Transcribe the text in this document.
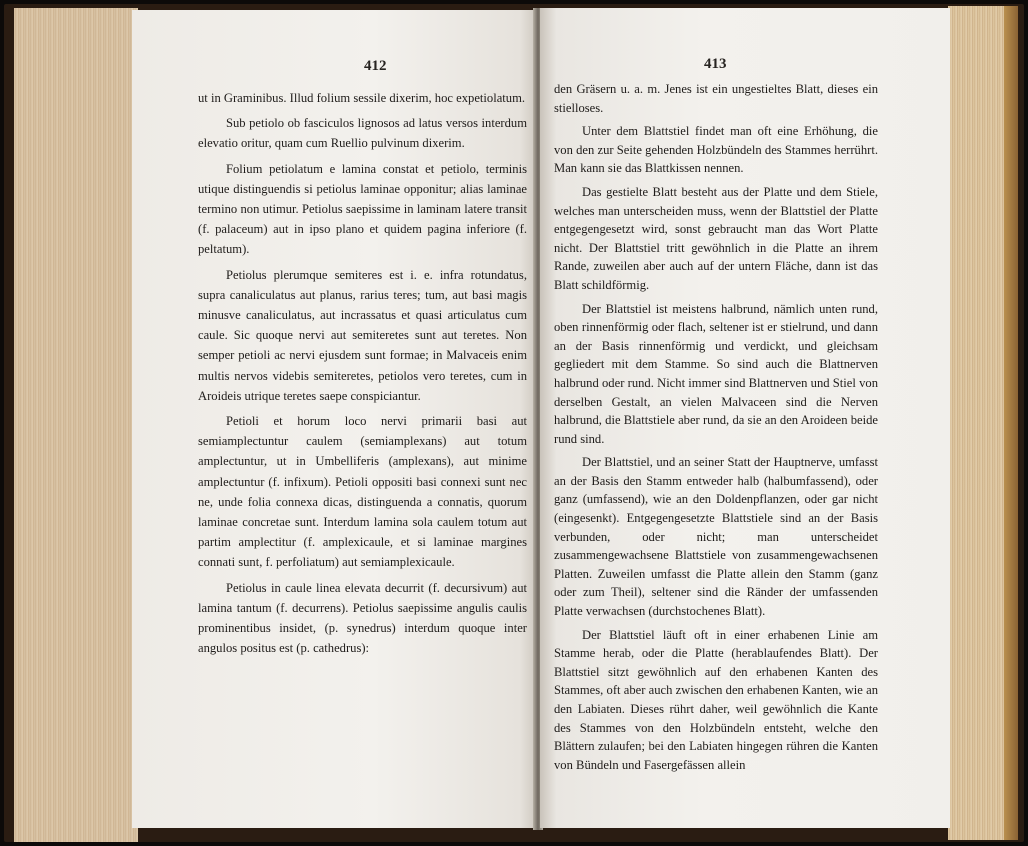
412

ut in Graminibus. Illud folium sessile dixerim, hoc expetiolatum.

Sub petiolo ob fasciculos lignosos ad latus versos interdum elevatio oritur, quam cum Ruellio pulvinum dixerim.

Folium petiolatum e lamina constat et petiolo, terminis utique distinguendis si petiolus laminae opponitur; alias laminae termino non utimur. Petiolus saepissime in laminam latere transit (f. palaceum) aut in ipso plano et quidem pagina inferiore (f. peltatum).

Petiolus plerumque semiteres est i. e. infra rotundatus, supra canaliculatus aut planus, rarius teres; tum, aut basi magis minusve canaliculatus, aut incrassatus et quasi articulatus cum caule. Sic quoque nervi aut semiteretes sunt aut teretes. Non semper petioli ac nervi ejusdem sunt formae; in Malvaceis enim multis nervos videbis semiteretes, petiolos vero teretes, cum in Aroideis utrique teretes saepe conspiciantur.

Petioli et horum loco nervi primarii basi aut semiamplectuntur caulem (semiamplexans) aut totum amplectuntur, ut in Umbelliferis (amplexans), aut minime amplectuntur (f. infixum). Petioli oppositi basi connexi sunt nec ne, unde folia connexa dicas, distinguenda a connatis, quorum laminae concretae sunt. Interdum lamina sola caulem totum aut partim amplectitur (f. amplexicaule, et si laminae margines connati sunt, f. perfoliatum) aut semiamplexicaule.

Petiolus in caule linea elevata decurrit (f. decursivum) aut lamina tantum (f. decurrens). Petiolus saepissime angulis caulis prominentibus insidet, (p. synedrus) interdum quoque inter angulos positus est (p. cathedrus):

413

den Gräsern u. a. m. Jenes ist ein ungestieltes Blatt, dieses ein stielloses.

Unter dem Blattstiel findet man oft eine Erhöhung, die von den zur Seite gehenden Holzbündeln des Stammes herrührt. Man kann sie das Blattkissen nennen.

Das gestielte Blatt besteht aus der Platte und dem Stiele, welches man unterscheiden muss, wenn der Blattstiel der Platte entgegengesetzt wird, sonst gebraucht man das Wort Platte nicht. Der Blattstiel tritt gewöhnlich in die Platte an ihrem Rande, zuweilen aber auch auf der untern Fläche, dann ist das Blatt schildförmig.

Der Blattstiel ist meistens halbrund, nämlich unten rund, oben rinnenförmig oder flach, seltener ist er stielrund, und dann an der Basis rinnenförmig und verdickt, und gleichsam gegliedert mit dem Stamme. So sind auch die Blattnerven halbrund oder rund. Nicht immer sind Blattnerven und Stiel von derselben Gestalt, an vielen Malvaceen sind die Nerven halbrund, die Blattstiele aber rund, da sie an den Aroideen beide rund sind.

Der Blattstiel, und an seiner Statt der Hauptnerve, umfasst an der Basis den Stamm entweder halb (halbumfassend), oder ganz (umfassend), wie an den Doldenpflanzen, oder gar nicht (eingesenkt). Entgegengesetzte Blattstiele sind an der Basis verbunden, oder nicht; man unterscheidet zusammengewachsene Blattstiele von zusammengewachsenen Platten. Zuweilen umfasst die Platte allein den Stamm (ganz oder zum Theil), seltener sind die Ränder der umfassenden Platte verwachsen (durchstochenes Blatt).

Der Blattstiel läuft oft in einer erhabenen Linie am Stamme herab, oder die Platte (herablaufendes Blatt). Der Blattstiel sitzt gewöhnlich auf den erhabenen Kanten des Stammes, oft aber auch zwischen den erhabenen Kanten, wie an den Labiaten. Dieses rührt daher, weil gewöhnlich die Kante des Stammes von den Holzbündeln entsteht, welche den Blättern zulaufen; bei den Labiaten hingegen rühren die Kanten von Bündeln und Fasergefässen allein
